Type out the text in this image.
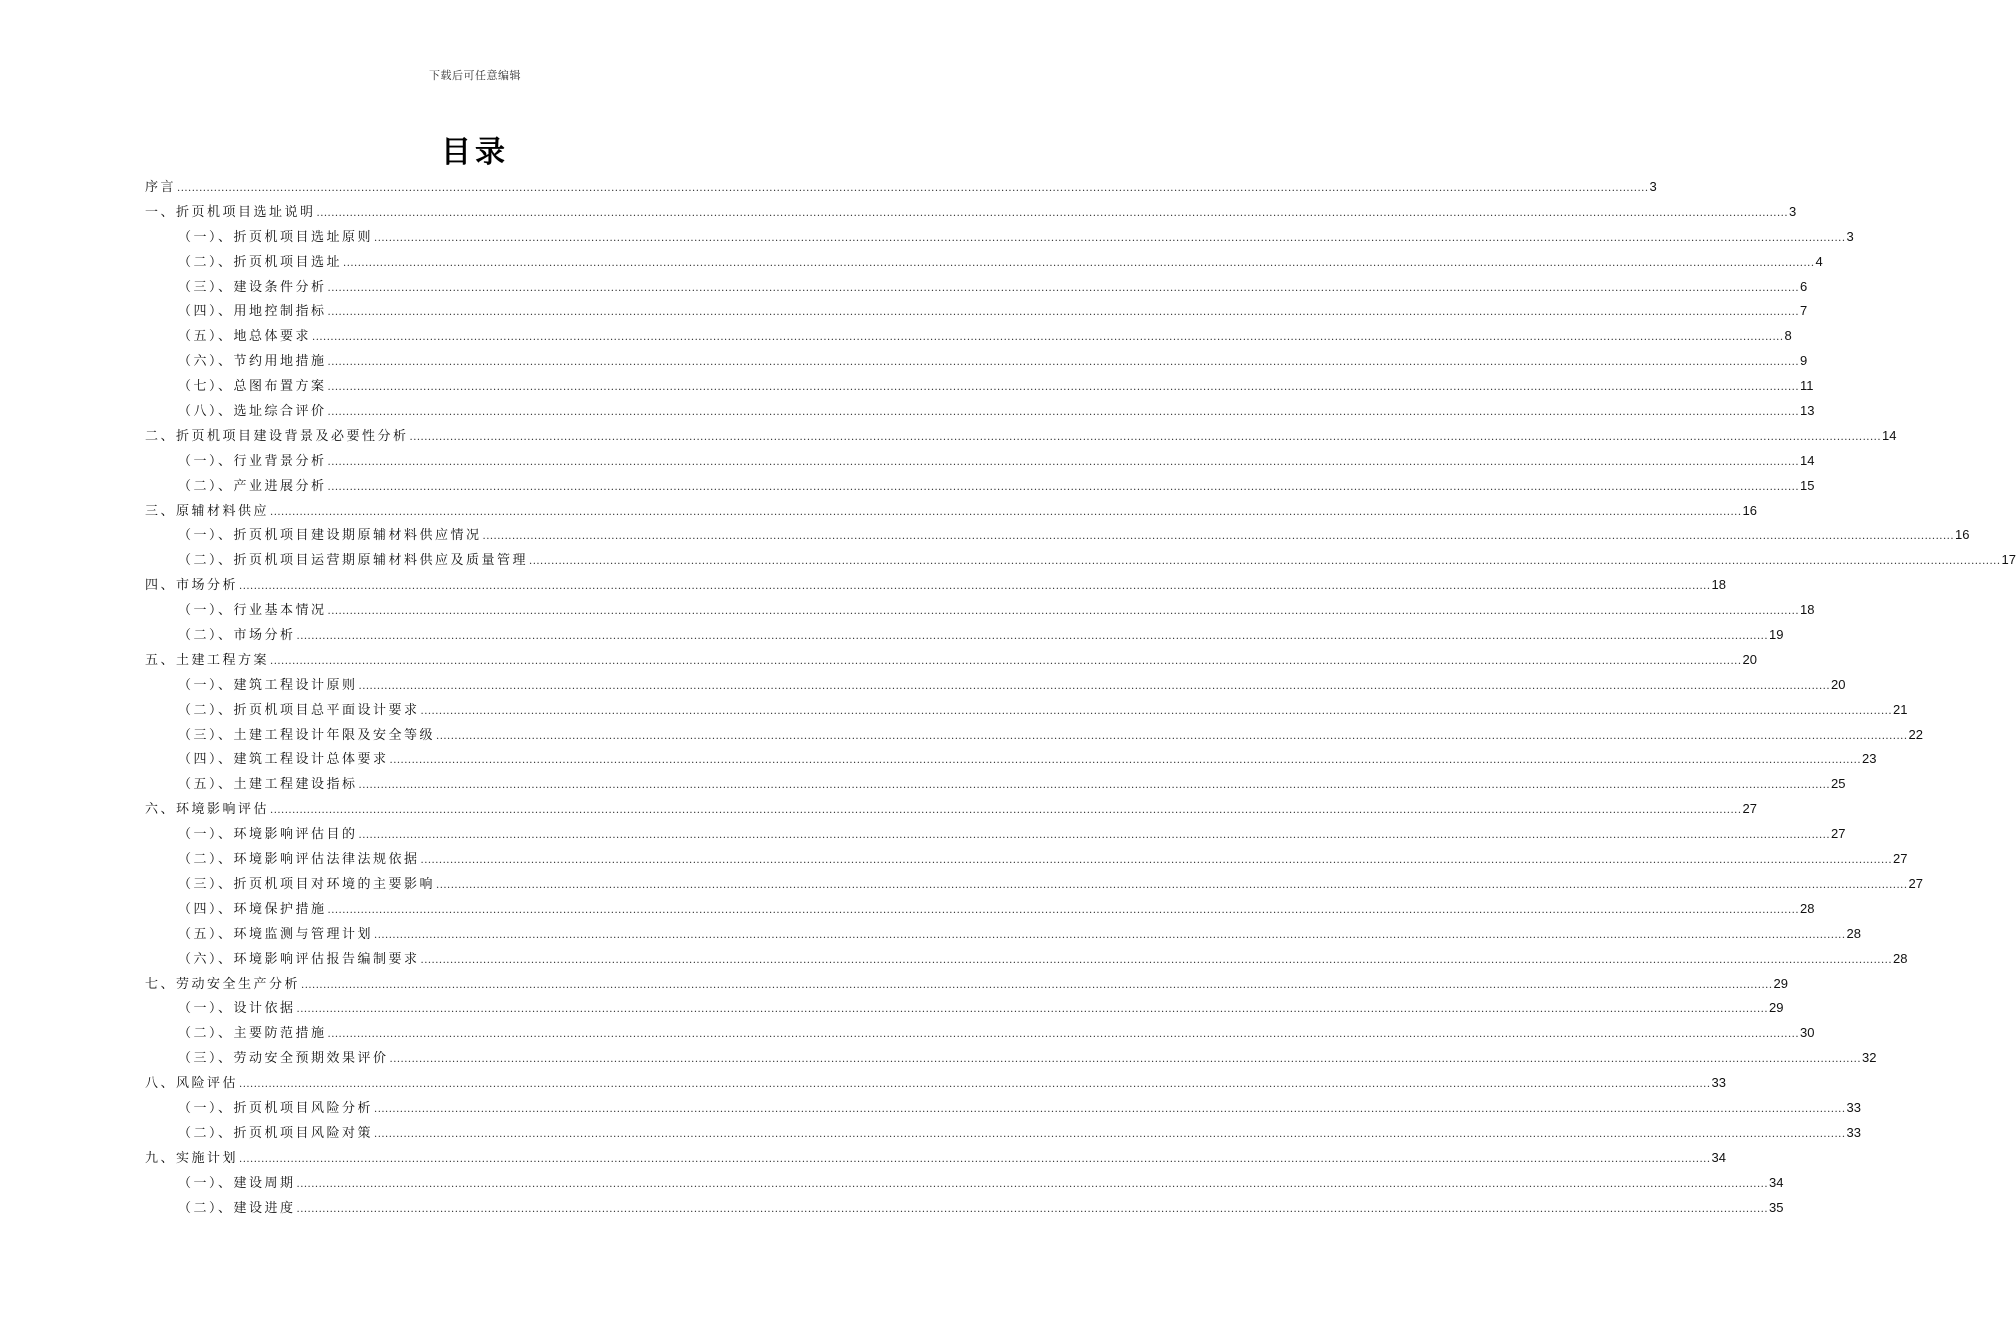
下载后可任意编辑
目录
序言 ................................................................................................................................................................................................................................................................................................................................................................................................................ 3
一、折页机项目选址说明 ................................................................................................................................................................................................................................................................................................................................................................................................................ 3
（一）、折页机项目选址原则 ................................................................................................................................................................................................................................................................................................................................................................................................................ 3
（二）、折页机项目选址 ................................................................................................................................................................................................................................................................................................................................................................................................................ 4
（三）、建设条件分析 ................................................................................................................................................................................................................................................................................................................................................................................................................ 6
（四）、用地控制指标 ................................................................................................................................................................................................................................................................................................................................................................................................................ 7
（五）、地总体要求 ................................................................................................................................................................................................................................................................................................................................................................................................................ 8
（六）、节约用地措施 ................................................................................................................................................................................................................................................................................................................................................................................................................ 9
（七）、总图布置方案 ................................................................................................................................................................................................................................................................................................................................................................................................................ 11
（八）、选址综合评价 ................................................................................................................................................................................................................................................................................................................................................................................................................ 13
二、折页机项目建设背景及必要性分析 ................................................................................................................................................................................................................................................................................................................................................................................................................ 14
（一）、行业背景分析 ................................................................................................................................................................................................................................................................................................................................................................................................................ 14
（二）、产业进展分析 ................................................................................................................................................................................................................................................................................................................................................................................................................ 15
三、原辅材料供应 ................................................................................................................................................................................................................................................................................................................................................................................................................ 16
（一）、折页机项目建设期原辅材料供应情况 ................................................................................................................................................................................................................................................................................................................................................................................................................ 16
（二）、折页机项目运营期原辅材料供应及质量管理 ................................................................................................................................................................................................................................................................................................................................................................................................................ 17
四、市场分析 ................................................................................................................................................................................................................................................................................................................................................................................................................ 18
（一）、行业基本情况 ................................................................................................................................................................................................................................................................................................................................................................................................................ 18
（二）、市场分析 ................................................................................................................................................................................................................................................................................................................................................................................................................ 19
五、土建工程方案 ................................................................................................................................................................................................................................................................................................................................................................................................................ 20
（一）、建筑工程设计原则 ................................................................................................................................................................................................................................................................................................................................................................................................................ 20
（二）、折页机项目总平面设计要求 ................................................................................................................................................................................................................................................................................................................................................................................................................ 21
（三）、土建工程设计年限及安全等级 ................................................................................................................................................................................................................................................................................................................................................................................................................ 22
（四）、建筑工程设计总体要求 ................................................................................................................................................................................................................................................................................................................................................................................................................ 23
（五）、土建工程建设指标 ................................................................................................................................................................................................................................................................................................................................................................................................................ 25
六、环境影响评估 ................................................................................................................................................................................................................................................................................................................................................................................................................ 27
（一）、环境影响评估目的 ................................................................................................................................................................................................................................................................................................................................................................................................................ 27
（二）、环境影响评估法律法规依据 ................................................................................................................................................................................................................................................................................................................................................................................................................ 27
（三）、折页机项目对环境的主要影响 ................................................................................................................................................................................................................................................................................................................................................................................................................ 27
（四）、环境保护措施 ................................................................................................................................................................................................................................................................................................................................................................................................................ 28
（五）、环境监测与管理计划 ................................................................................................................................................................................................................................................................................................................................................................................................................ 28
（六）、环境影响评估报告编制要求 ................................................................................................................................................................................................................................................................................................................................................................................................................ 28
七、劳动安全生产分析 ................................................................................................................................................................................................................................................................................................................................................................................................................ 29
（一）、设计依据 ................................................................................................................................................................................................................................................................................................................................................................................................................ 29
（二）、主要防范措施 ................................................................................................................................................................................................................................................................................................................................................................................................................ 30
（三）、劳动安全预期效果评价 ................................................................................................................................................................................................................................................................................................................................................................................................................ 32
八、风险评估 ................................................................................................................................................................................................................................................................................................................................................................................................................ 33
（一）、折页机项目风险分析 ................................................................................................................................................................................................................................................................................................................................................................................................................ 33
（二）、折页机项目风险对策 ................................................................................................................................................................................................................................................................................................................................................................................................................ 33
九、实施计划 ................................................................................................................................................................................................................................................................................................................................................................................................................ 34
（一）、建设周期 ................................................................................................................................................................................................................................................................................................................................................................................................................ 34
（二）、建设进度 ................................................................................................................................................................................................................................................................................................................................................................................................................ 35
